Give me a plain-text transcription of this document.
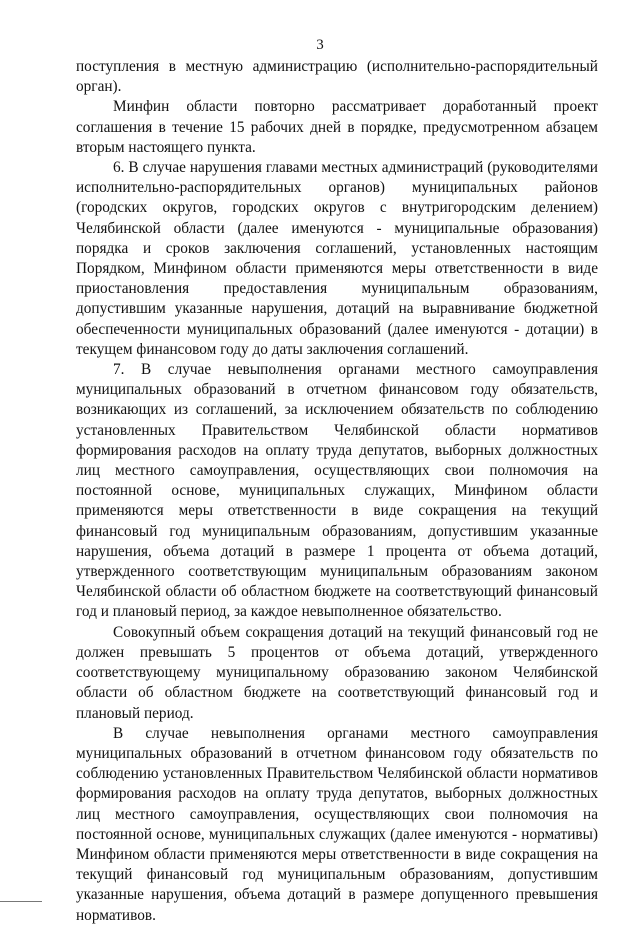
3

поступления в местную администрацию (исполнительно-распорядительный орган).

Минфин области повторно рассматривает доработанный проект соглашения в течение 15 рабочих дней в порядке, предусмотренном абзацем вторым настоящего пункта.

6. В случае нарушения главами местных администраций (руководителями исполнительно-распорядительных органов) муниципальных районов (городских округов, городских округов с внутригородским делением) Челябинской области (далее именуются - муниципальные образования) порядка и сроков заключения соглашений, установленных настоящим Порядком, Минфином области применяются меры ответственности в виде приостановления предоставления муниципальным образованиям, допустившим указанные нарушения, дотаций на выравнивание бюджетной обеспеченности муниципальных образований (далее именуются - дотации) в текущем финансовом году до даты заключения соглашений.

7. В случае невыполнения органами местного самоуправления муниципальных образований в отчетном финансовом году обязательств, возникающих из соглашений, за исключением обязательств по соблюдению установленных Правительством Челябинской области нормативов формирования расходов на оплату труда депутатов, выборных должностных лиц местного самоуправления, осуществляющих свои полномочия на постоянной основе, муниципальных служащих, Минфином области применяются меры ответственности в виде сокращения на текущий финансовый год муниципальным образованиям, допустившим указанные нарушения, объема дотаций в размере 1 процента от объема дотаций, утвержденного соответствующим муниципальным образованиям законом Челябинской области об областном бюджете на соответствующий финансовый год и плановый период, за каждое невыполненное обязательство.

Совокупный объем сокращения дотаций на текущий финансовый год не должен превышать 5 процентов от объема дотаций, утвержденного соответствующему муниципальному образованию законом Челябинской области об областном бюджете на соответствующий финансовый год и плановый период.

В случае невыполнения органами местного самоуправления муниципальных образований в отчетном финансовом году обязательств по соблюдению установленных Правительством Челябинской области нормативов формирования расходов на оплату труда депутатов, выборных должностных лиц местного самоуправления, осуществляющих свои полномочия на постоянной основе, муниципальных служащих (далее именуются - нормативы) Минфином области применяются меры ответственности в виде сокращения на текущий финансовый год муниципальным образованиям, допустившим указанные нарушения, объема дотаций в размере допущенного превышения нормативов.
